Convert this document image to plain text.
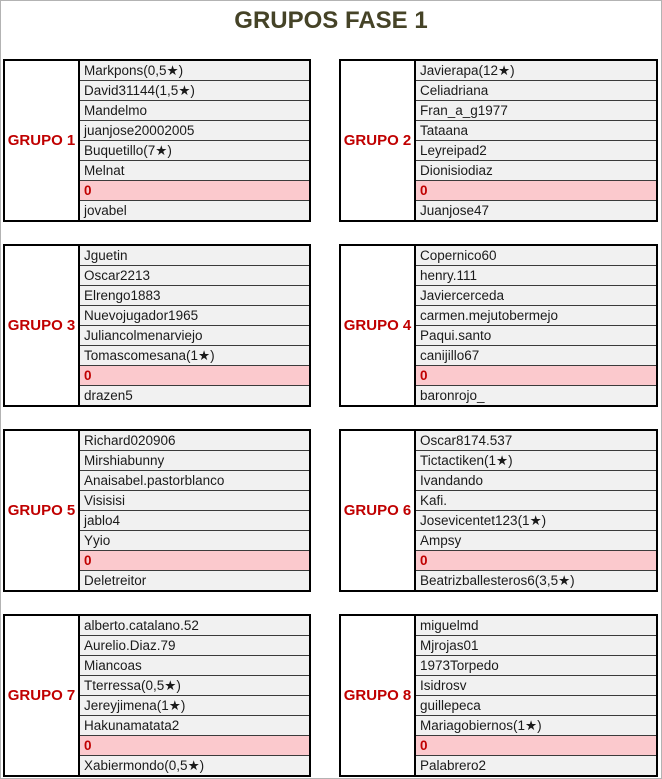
GRUPOS FASE 1
GRUPO 1
Markpons(0,5★)
David31144(1,5★)
Mandelmo
juanjose20002005
Buquetillo(7★)
Melnat
0
jovabel
GRUPO 2
Javierapa(12★)
Celiadriana
Fran_a_g1977
Tataana
Leyreipad2
Dionisiodiaz
0
Juanjose47
GRUPO 3
Jguetin
Oscar2213
Elrengo1883
Nuevojugador1965
Juliancolmenarviejo
Tomascomesana(1★)
0
drazen5
GRUPO 4
Copernico60
henry.111
Javiercerceda
carmen.mejutobermejo
Paqui.santo
canijillo67
0
baronrojo_
GRUPO 5
Richard020906
Mirshiabunny
Anaisabel.pastorblanco
Visisisi
jablo4
Yyio
0
Deletreitor
GRUPO 6
Oscar8174.537
Tictactiken(1★)
Ivandando
Kafi.
Josevicentet123(1★)
Ampsy
0
Beatrizballesteros6(3,5★)
GRUPO 7
alberto.catalano.52
Aurelio.Diaz.79
Miancoas
Tterressa(0,5★)
Jereyjimena(1★)
Hakunamatata2
0
Xabiermondo(0,5★)
GRUPO 8
miguelmd
Mjrojas01
1973Torpedo
Isidrosv
guillepeca
Mariagobiernos(1★)
0
Palabrero2
